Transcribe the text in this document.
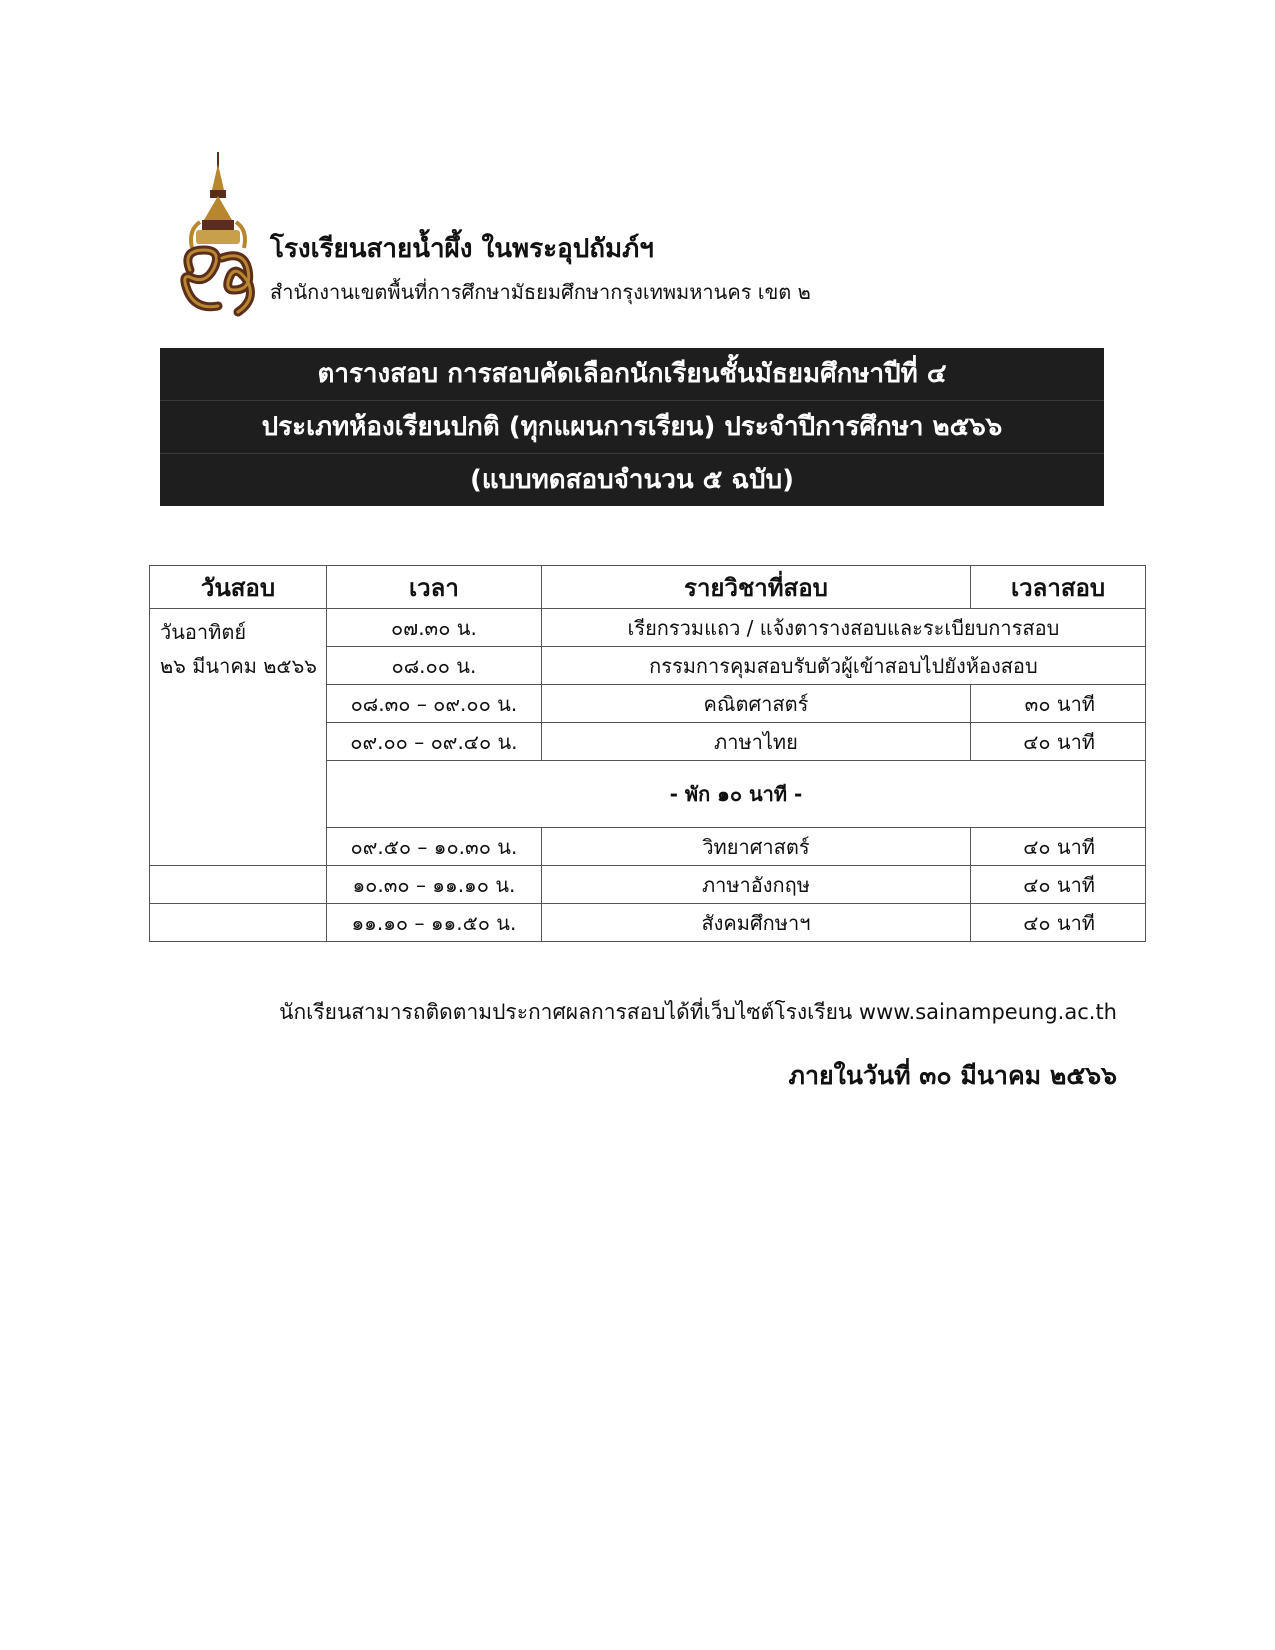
โรงเรียนสายน้ำผึ้ง ในพระอุปถัมภ์ฯ
สำนักงานเขตพื้นที่การศึกษามัธยมศึกษากรุงเทพมหานคร เขต ๒
ตารางสอบ การสอบคัดเลือกนักเรียนชั้นมัธยมศึกษาปีที่ ๔
ประเภทห้องเรียนปกติ (ทุกแผนการเรียน) ประจำปีการศึกษา ๒๕๖๖
(แบบทดสอบจำนวน ๕ ฉบับ)
วันสอบ	เวลา	รายวิชาที่สอบ	เวลาสอบ

วันอาทิตย์
๒๖ มีนาคม ๒๕๖๖	๐๗.๓๐ น.	เรียกรวมแถว / แจ้งตารางสอบและระเบียบการสอบ	
	๐๘.๐๐ น.	กรรมการคุมสอบรับตัวผู้เข้าสอบไปยังห้องสอบ	
	๐๘.๓๐ – ๐๙.๐๐ น.	คณิตศาสตร์	๓๐ นาที
	๐๙.๐๐ – ๐๙.๔๐ น.	ภาษาไทย	๔๐ นาที
	- พัก ๑๐ นาที -		
	๐๙.๕๐ – ๑๐.๓๐ น.	วิทยาศาสตร์	๔๐ นาที
	๑๐.๓๐ – ๑๑.๑๐ น.	ภาษาอังกฤษ	๔๐ นาที
	๑๑.๑๐ – ๑๑.๕๐ น.	สังคมศึกษาฯ	๔๐ นาที
นักเรียนสามารถติดตามประกาศผลการสอบได้ที่เว็บไซต์โรงเรียน www.sainampeung.ac.th
ภายในวันที่ ๓๐ มีนาคม ๒๕๖๖
